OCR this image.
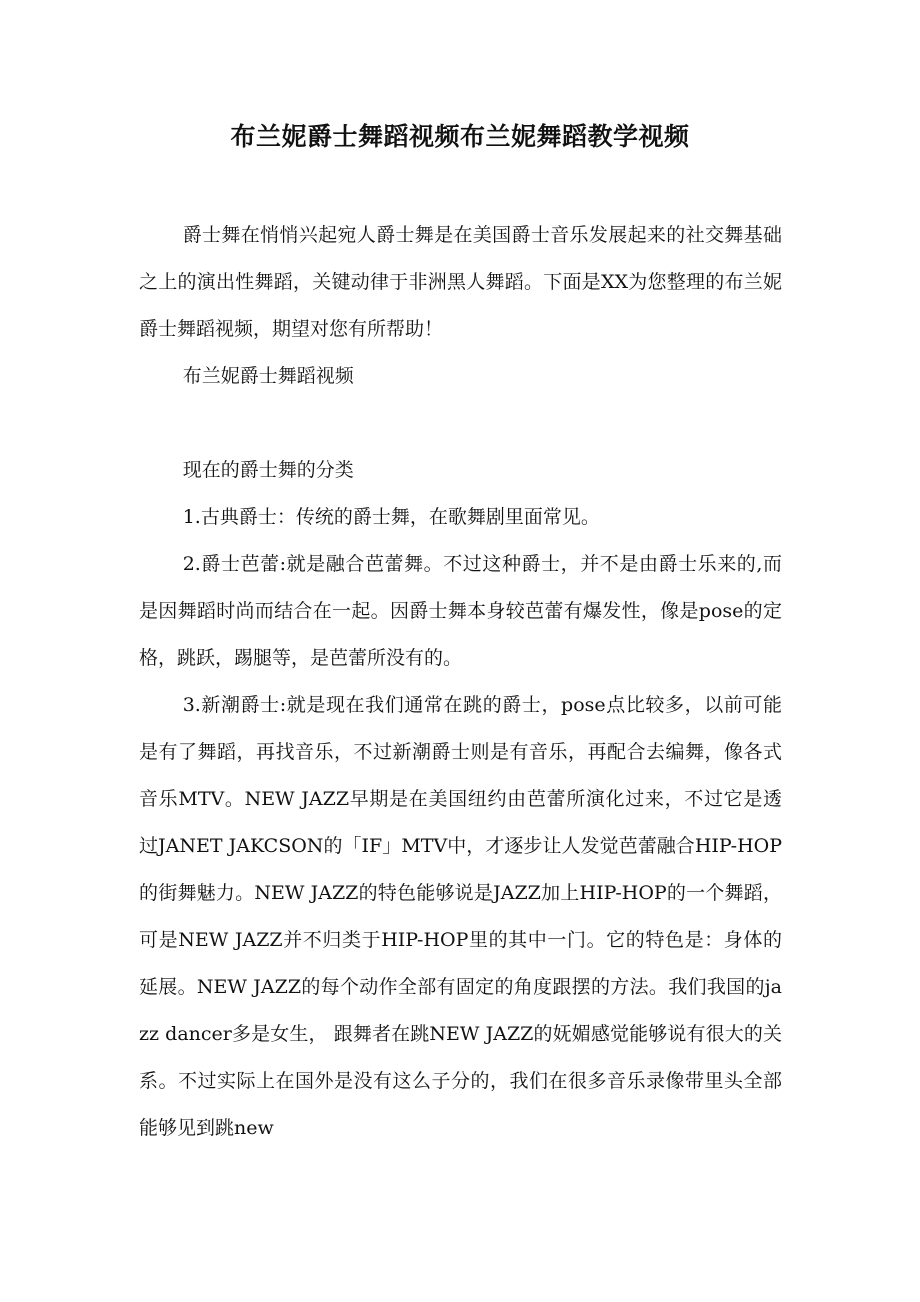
布兰妮爵士舞蹈视频布兰妮舞蹈教学视频

爵士舞在悄悄兴起宛人爵士舞是在美国爵士音乐发展起来的社交舞基础之上的演出性舞蹈，关键动律于非洲黑人舞蹈。下面是XX为您整理的布兰妮爵士舞蹈视频，期望对您有所帮助！

布兰妮爵士舞蹈视频

现在的爵士舞的分类

1.古典爵士：传统的爵士舞，在歌舞剧里面常见。

2.爵士芭蕾:就是融合芭蕾舞。不过这种爵士，并不是由爵士乐来的,而是因舞蹈时尚而结合在一起。因爵士舞本身较芭蕾有爆发性，像是pose的定格，跳跃，踢腿等，是芭蕾所没有的。

3.新潮爵士:就是现在我们通常在跳的爵士，pose点比较多，以前可能是有了舞蹈，再找音乐，不过新潮爵士则是有音乐，再配合去编舞，像各式音乐MTV。NEW JAZZ早期是在美国纽约由芭蕾所演化过来，不过它是透过JANET JAKCSON的「IF」MTV中，才逐步让人发觉芭蕾融合HIP-HOP的街舞魅力。NEW JAZZ的特色能够说是JAZZ加上HIP-HOP的一个舞蹈，可是NEW JAZZ并不归类于HIP-HOP里的其中一门。它的特色是：身体的延展。NEW JAZZ的每个动作全部有固定的角度跟摆的方法。我们我国的jazz dancer多是女生， 跟舞者在跳NEW JAZZ的妩媚感觉能够说有很大的关系。不过实际上在国外是没有这么子分的，我们在很多音乐录像带里头全部能够见到跳new
